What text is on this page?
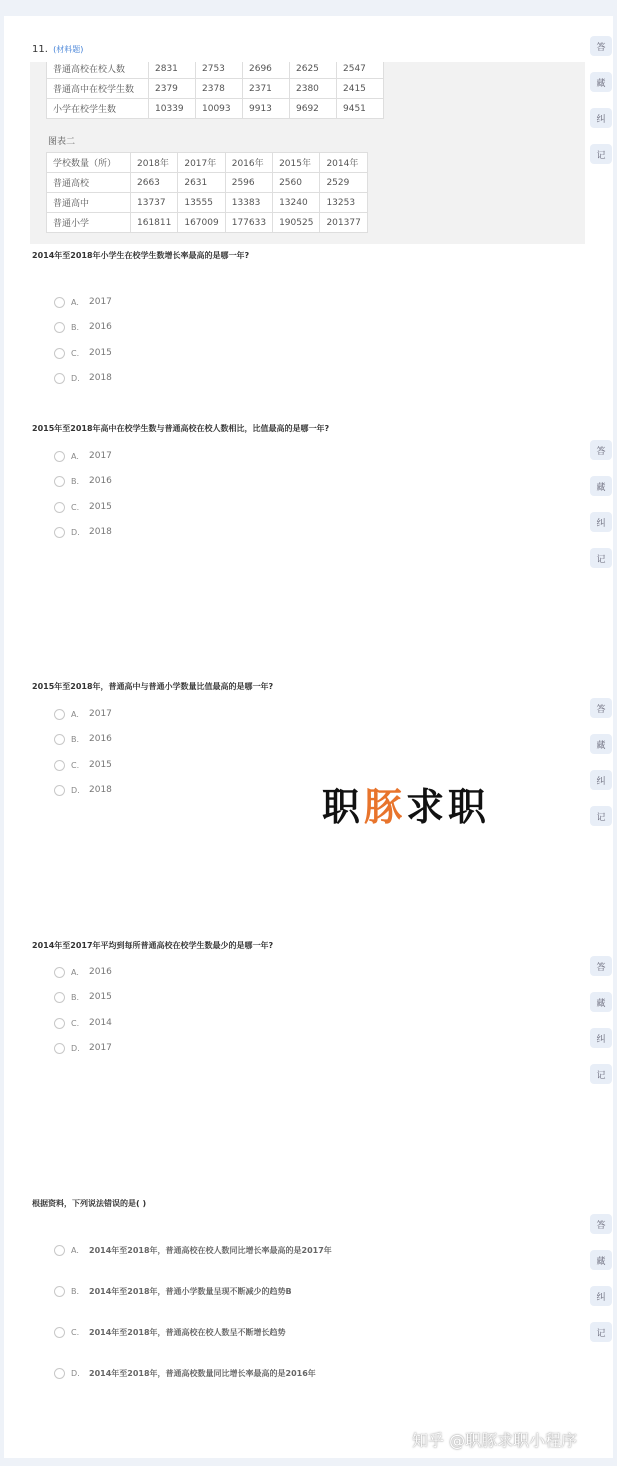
11. (材料题)
普通高校在校人数	2831	2753	2696	2625	2547
普通高中在校学生数	2379	2378	2371	2380	2415
小学在校学生数	10339	10093	9913	9692	9451
图表二
学校数量（所）	2018年	2017年	2016年	2015年	2014年
普通高校	2663	2631	2596	2560	2529
普通高中	13737	13555	13383	13240	13253
普通小学	161811	167009	177633	190525	201377
2014年至2018年小学生在校学生数增长率最高的是哪一年?
A.	2017
B.	2016
C.	2015
D.	2018
2015年至2018年高中在校学生数与普通高校在校人数相比，比值最高的是哪一年?
A.	2017
B.	2016
C.	2015
D.	2018
2015年至2018年，普通高中与普通小学数量比值最高的是哪一年?
A.	2017
B.	2016
C.	2015
D.	2018
2014年至2017年平均到每所普通高校在校学生数最少的是哪一年?
A.	2016
B.	2015
C.	2014
D.	2017
根据资料，下列说法错误的是( )
A.	2014年至2018年，普通高校在校人数同比增长率最高的是2017年
B.	2014年至2018年，普通小学数量呈现不断减少的趋势B
C.	2014年至2018年，普通高校在校人数呈不断增长趋势
D.	2014年至2018年，普通高校数量同比增长率最高的是2016年
答
藏
纠
记
答
藏
纠
记
答
藏
纠
记
答
藏
纠
记
答
藏
纠
记
职豚求职
知乎 @职豚求职小程序
